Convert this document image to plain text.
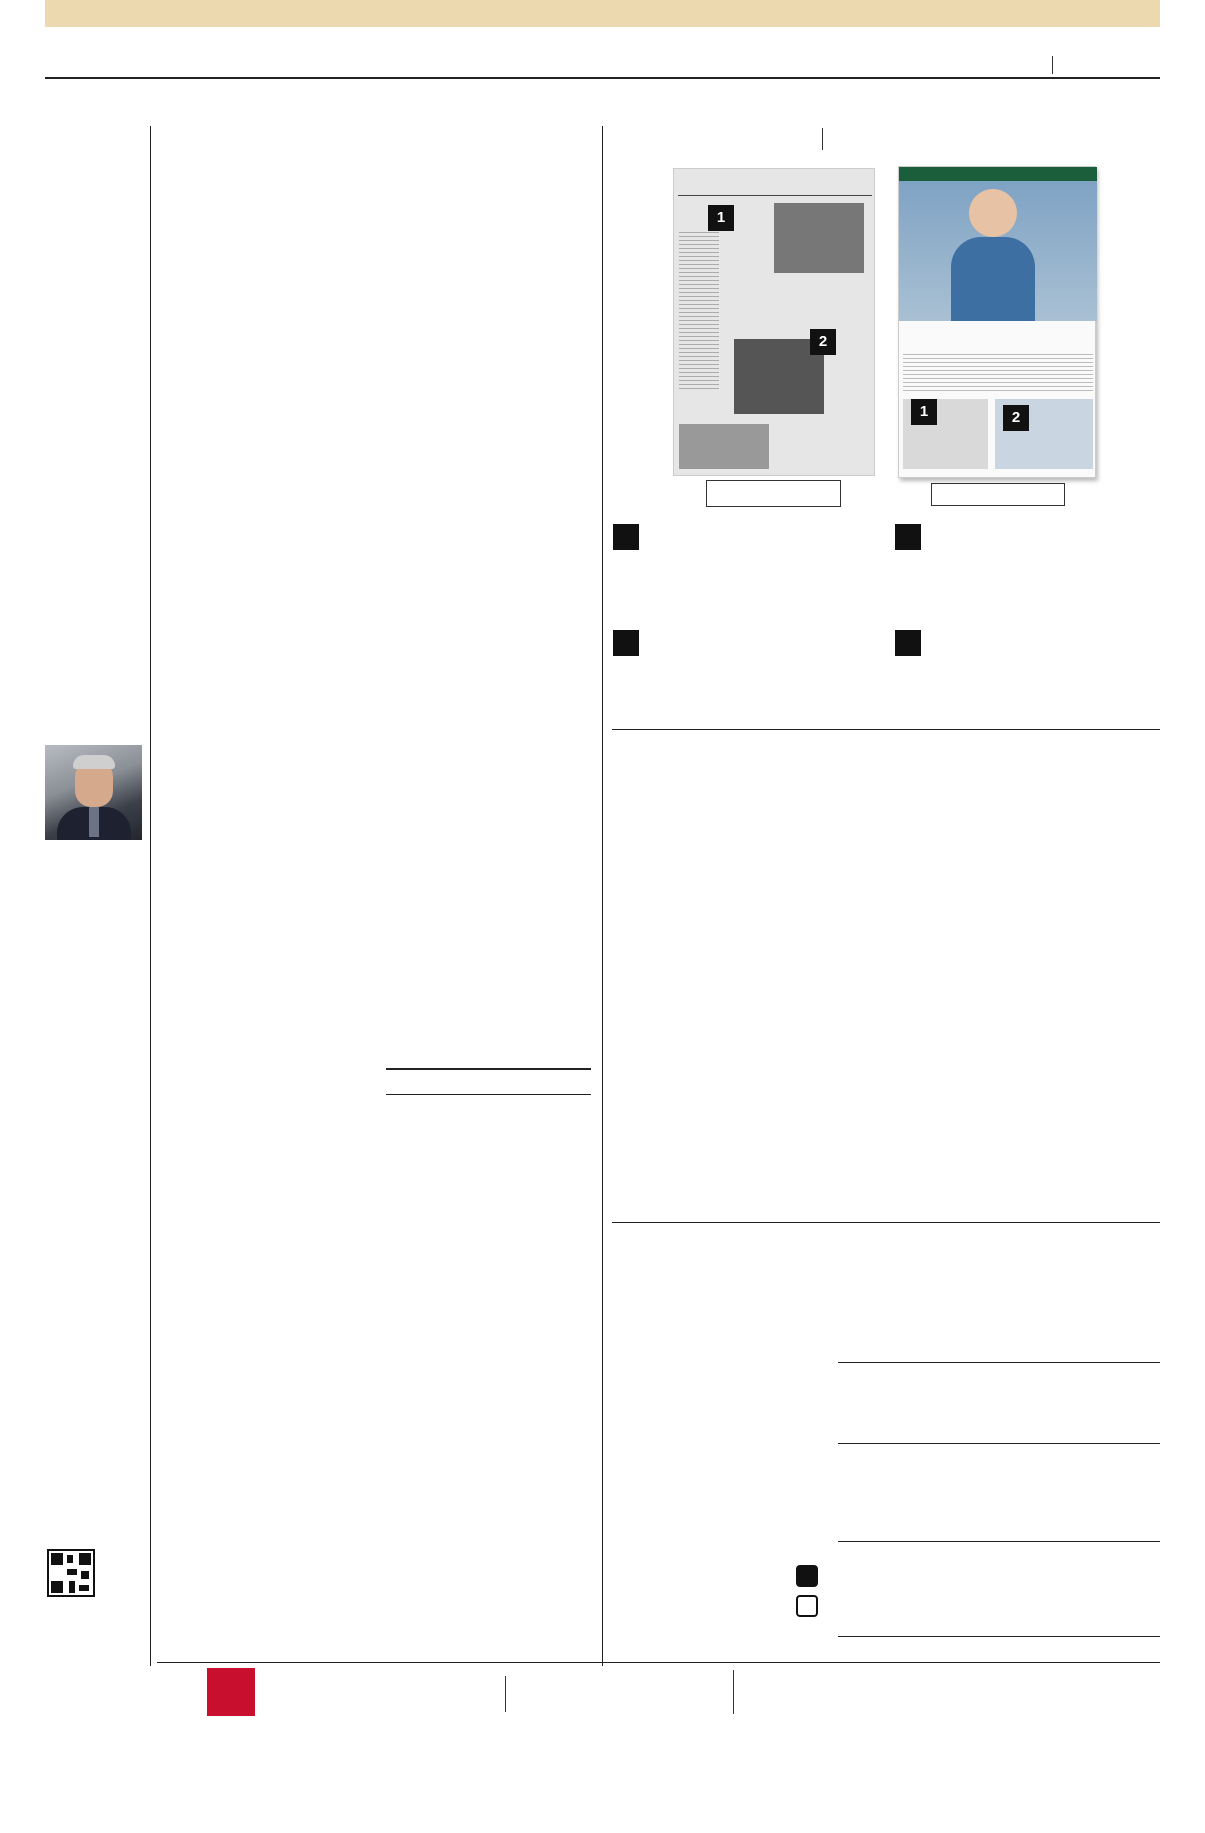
1
2
1	2
